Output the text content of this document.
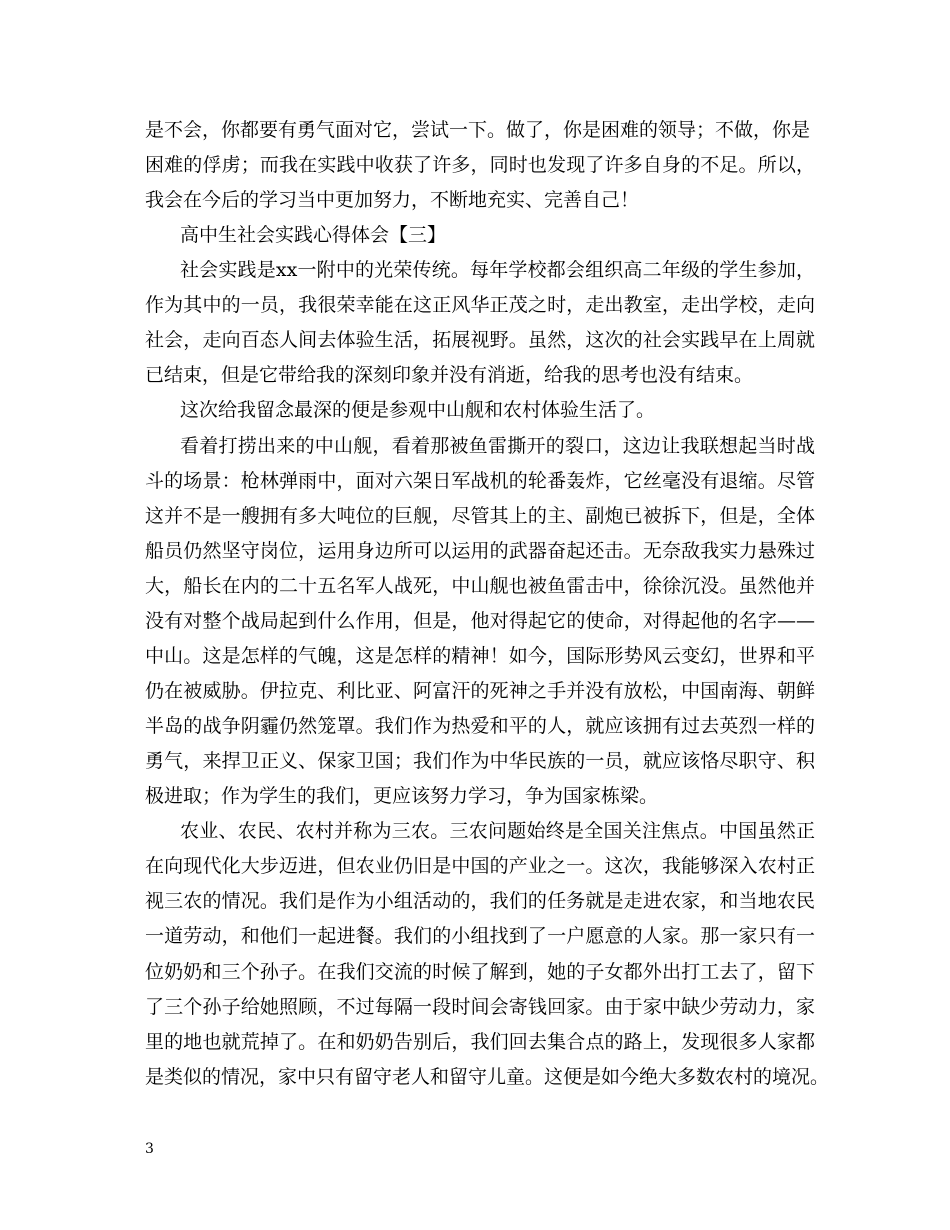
是不会，你都要有勇气面对它，尝试一下。做了，你是困难的领导；不做，你是
困难的俘虏；而我在实践中收获了许多，同时也发现了许多自身的不足。所以，
我会在今后的学习当中更加努力，不断地充实、完善自己！
高中生社会实践心得体会【三】
社会实践是xx一附中的光荣传统。每年学校都会组织高二年级的学生参加，
作为其中的一员，我很荣幸能在这正风华正茂之时，走出教室，走出学校，走向
社会，走向百态人间去体验生活，拓展视野。虽然，这次的社会实践早在上周就
已结束，但是它带给我的深刻印象并没有消逝，给我的思考也没有结束。
这次给我留念最深的便是参观中山舰和农村体验生活了。
看着打捞出来的中山舰，看着那被鱼雷撕开的裂口，这边让我联想起当时战
斗的场景：枪林弹雨中，面对六架日军战机的轮番轰炸，它丝毫没有退缩。尽管
这并不是一艘拥有多大吨位的巨舰，尽管其上的主、副炮已被拆下，但是，全体
船员仍然坚守岗位，运用身边所可以运用的武器奋起还击。无奈敌我实力悬殊过
大，船长在内的二十五名军人战死，中山舰也被鱼雷击中，徐徐沉没。虽然他并
没有对整个战局起到什么作用，但是，他对得起它的使命，对得起他的名字——
中山。这是怎样的气魄，这是怎样的精神！如今，国际形势风云变幻，世界和平
仍在被威胁。伊拉克、利比亚、阿富汗的死神之手并没有放松，中国南海、朝鲜
半岛的战争阴霾仍然笼罩。我们作为热爱和平的人，就应该拥有过去英烈一样的
勇气，来捍卫正义、保家卫国；我们作为中华民族的一员，就应该恪尽职守、积
极进取；作为学生的我们，更应该努力学习，争为国家栋梁。
农业、农民、农村并称为三农。三农问题始终是全国关注焦点。中国虽然正
在向现代化大步迈进，但农业仍旧是中国的产业之一。这次，我能够深入农村正
视三农的情况。我们是作为小组活动的，我们的任务就是走进农家，和当地农民
一道劳动，和他们一起进餐。我们的小组找到了一户愿意的人家。那一家只有一
位奶奶和三个孙子。在我们交流的时候了解到，她的子女都外出打工去了，留下
了三个孙子给她照顾，不过每隔一段时间会寄钱回家。由于家中缺少劳动力，家
里的地也就荒掉了。在和奶奶告别后，我们回去集合点的路上，发现很多人家都
是类似的情况，家中只有留守老人和留守儿童。这便是如今绝大多数农村的境况。
3
